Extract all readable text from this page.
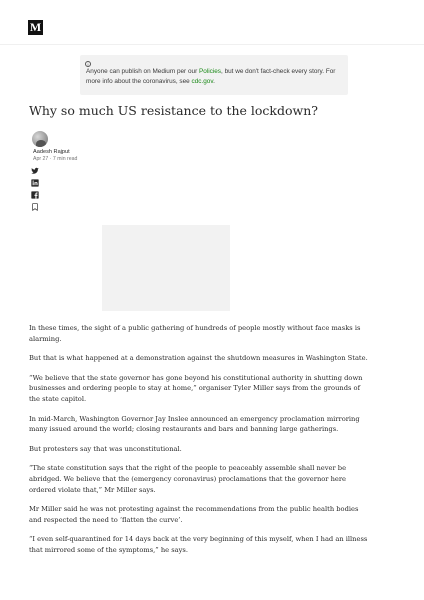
M
i
Anyone can publish on Medium per our Policies, but we don't fact-check every story. For more info about the coronavirus, see cdc.gov.
Why so much US resistance to the lockdown?
Aadesh Rajput
Apr 27 · 7 min read

In these times, the sight of a public gathering of hundreds of people mostly without face masks is alarming.

But that is what happened at a demonstration against the shutdown measures in Washington State.

“We believe that the state governor has gone beyond his constitutional authority in shutting down businesses and ordering people to stay at home,” organiser Tyler Miller says from the grounds of the state capitol.

In mid-March, Washington Governor Jay Inslee announced an emergency proclamation mirroring many issued around the world; closing restaurants and bars and banning large gatherings.

But protesters say that was unconstitutional.

“The state constitution says that the right of the people to peaceably assemble shall never be abridged. We believe that the (emergency coronavirus) proclamations that the governor here ordered violate that,” Mr Miller says.

Mr Miller said he was not protesting against the recommendations from the public health bodies and respected the need to ‘flatten the curve’.

“I even self-quarantined for 14 days back at the very beginning of this myself, when I had an illness that mirrored some of the symptoms,” he says.
